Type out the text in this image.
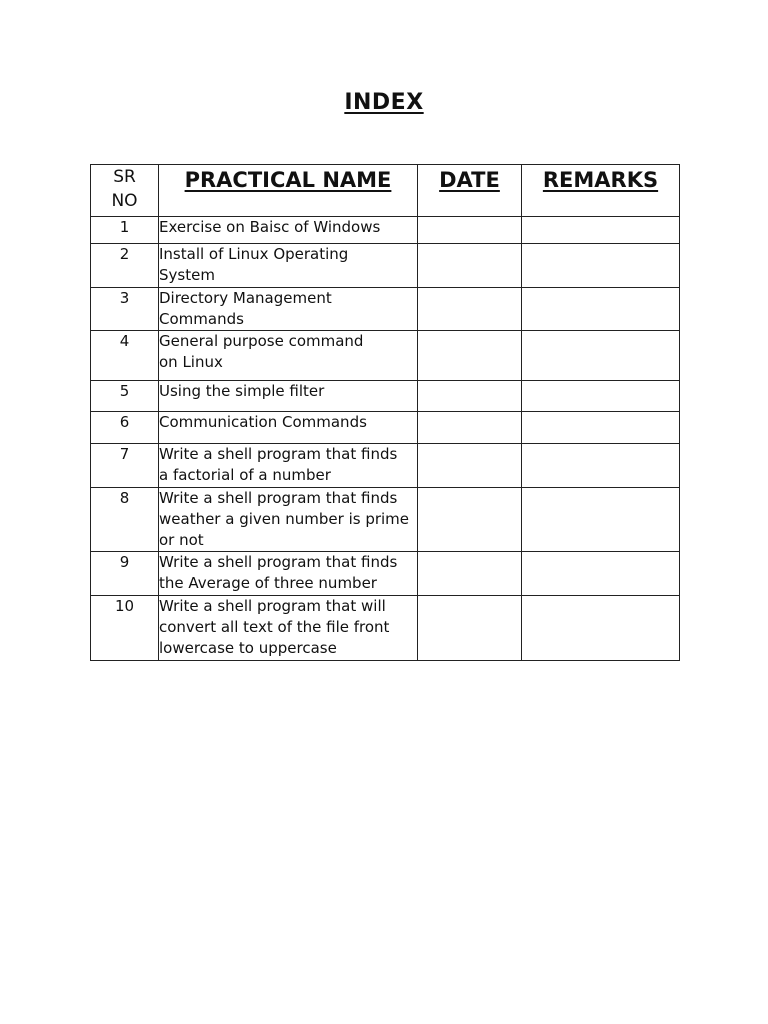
INDEX
SR
NO	PRACTICAL NAME	DATE	REMARKS
1	Exercise on Baisc of Windows		

2	Install of Linux Operating
System		

3	Directory Management
Commands		

4	General purpose command
on Linux		

5	Using the simple filter		

6	Communication Commands		

7	Write a shell program that finds
a factorial of a number		

8	Write a shell program that finds
weather a given number is prime
or not		

9	Write a shell program that finds
the Average of three number		

10	Write a shell program that will
convert all text of the file front
lowercase to uppercase		
